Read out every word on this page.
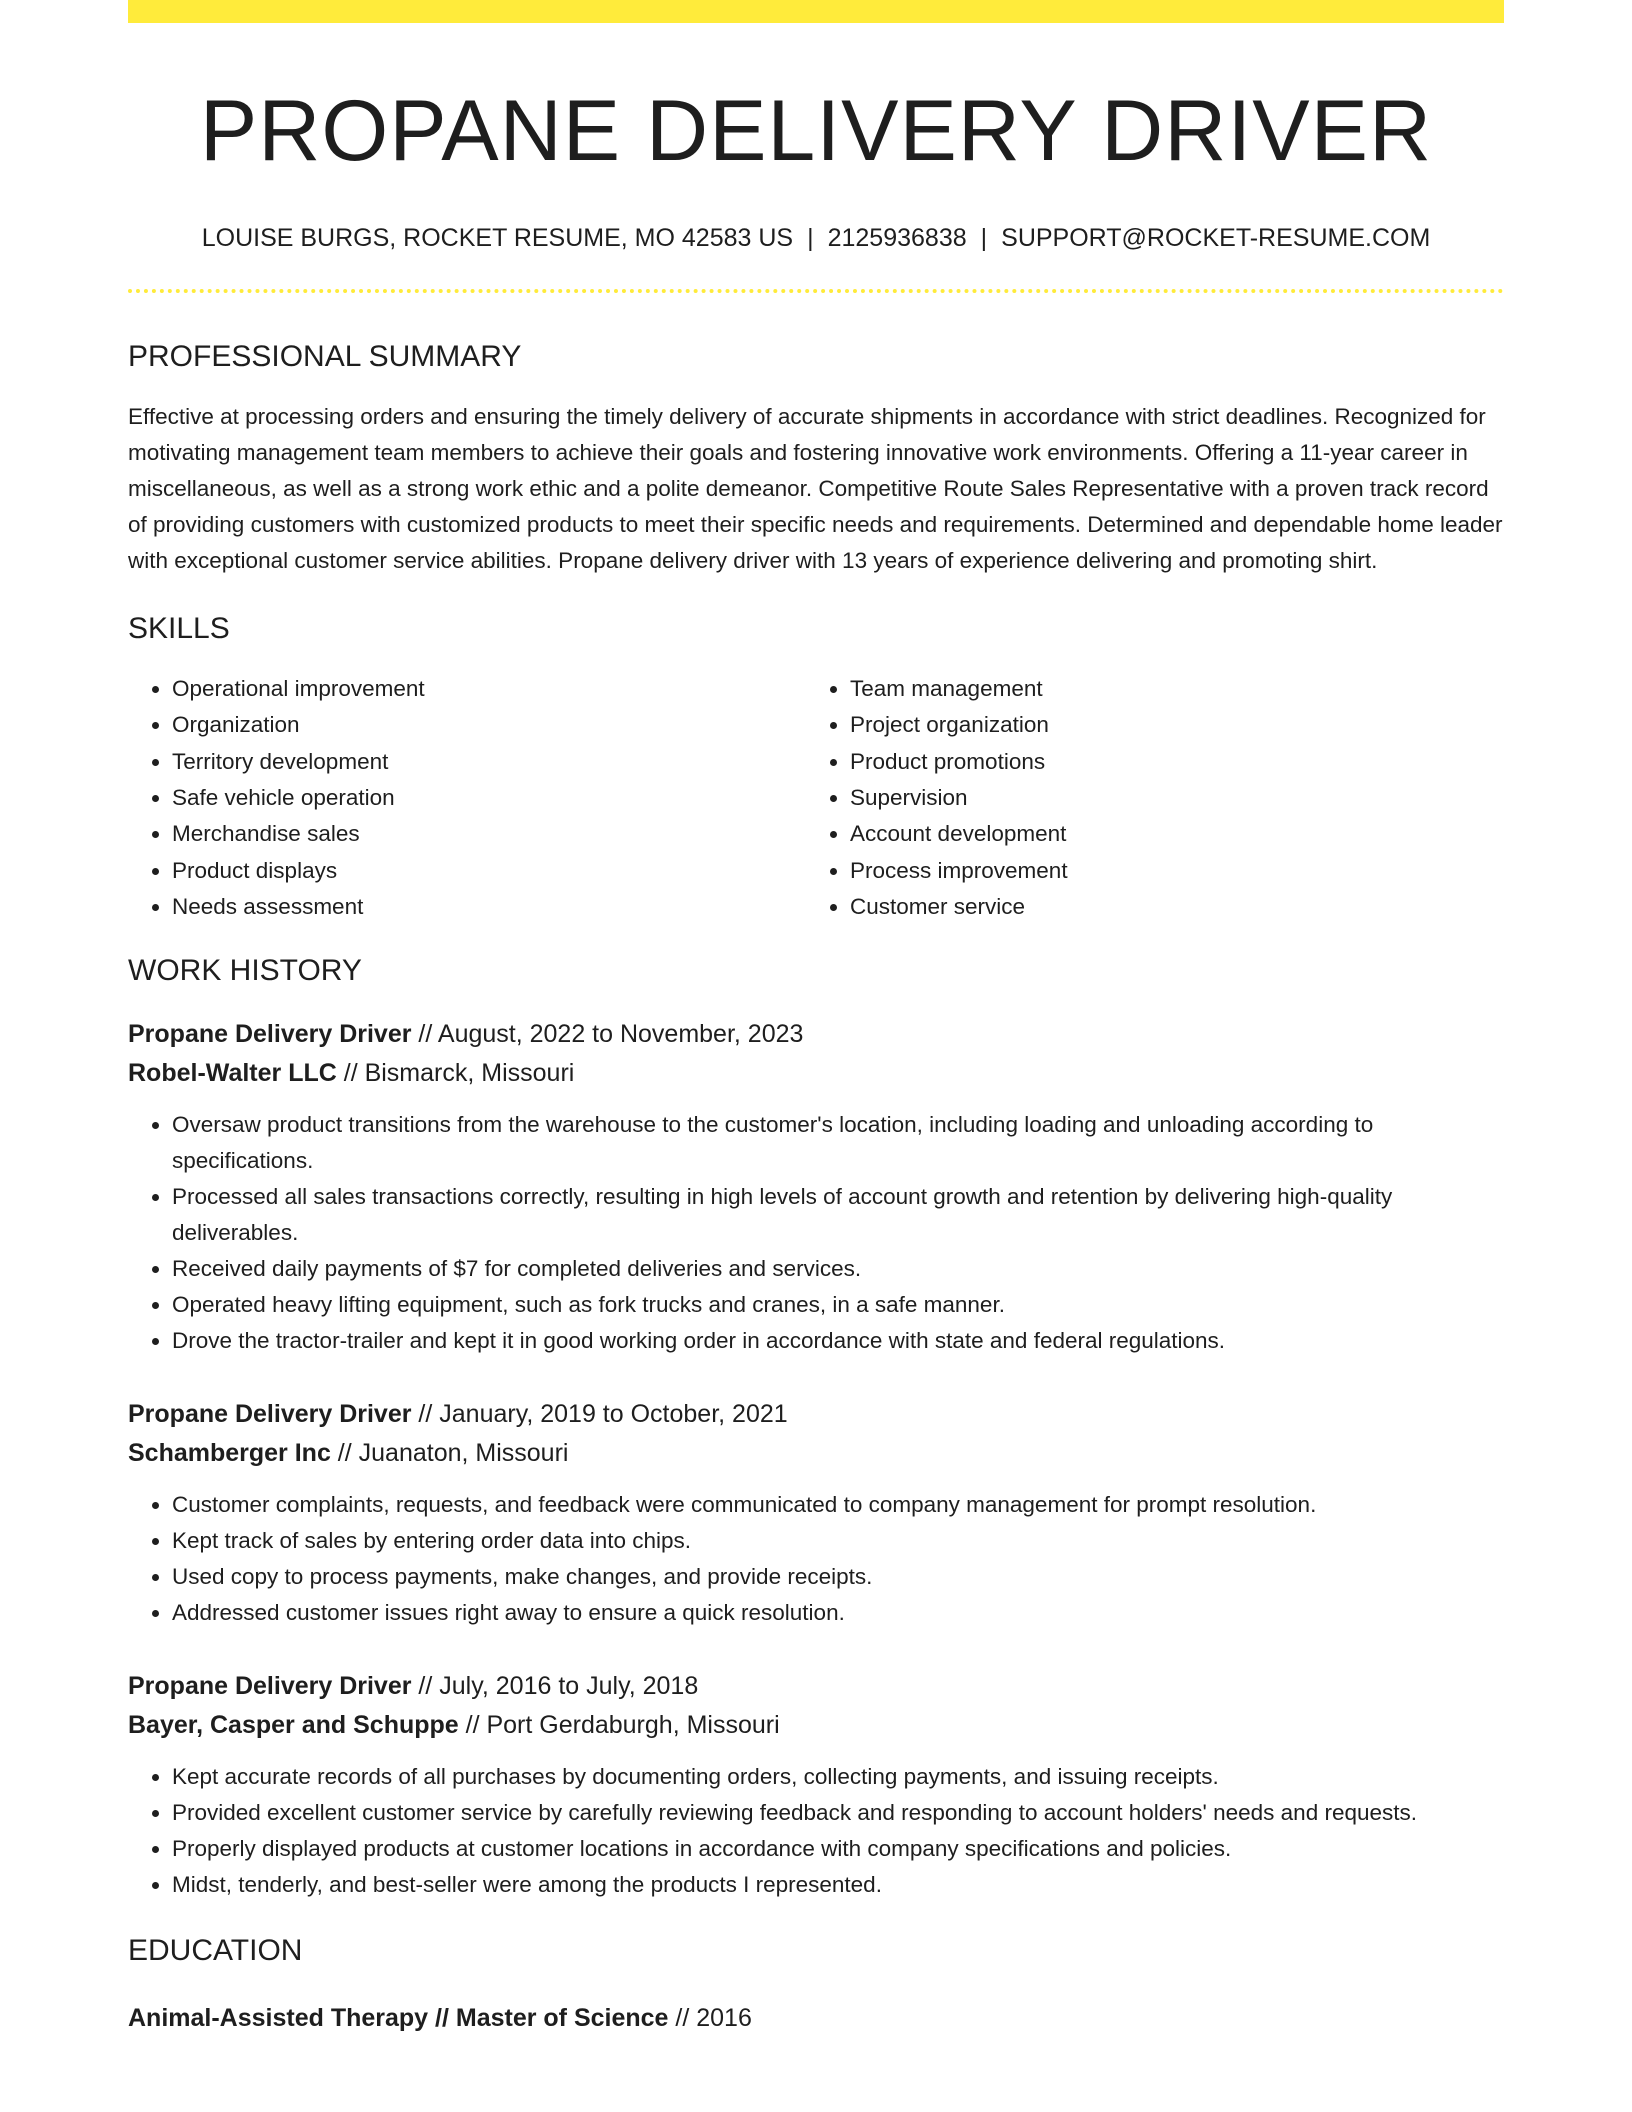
PROPANE DELIVERY DRIVER
LOUISE BURGS, ROCKET RESUME, MO 42583 US | 2125936838 | SUPPORT@ROCKET-RESUME.COM
PROFESSIONAL SUMMARY

Effective at processing orders and ensuring the timely delivery of accurate shipments in accordance with strict deadlines. Recognized for motivating management team members to achieve their goals and fostering innovative work environments. Offering a 11-year career in miscellaneous, as well as a strong work ethic and a polite demeanor. Competitive Route Sales Representative with a proven track record of providing customers with customized products to meet their specific needs and requirements. Determined and dependable home leader with exceptional customer service abilities. Propane delivery driver with 13 years of experience delivering and promoting shirt.

SKILLS
• Operational improvement
• Organization
• Territory development
• Safe vehicle operation
• Merchandise sales
• Product displays
• Needs assessment
• Team management
• Project organization
• Product promotions
• Supervision
• Account development
• Process improvement
• Customer service
WORK HISTORY
Propane Delivery Driver // August, 2022 to November, 2023
Robel-Walter LLC // Bismarck, Missouri
• Oversaw product transitions from the warehouse to the customer's location, including loading and unloading according to specifications.
• Processed all sales transactions correctly, resulting in high levels of account growth and retention by delivering high-quality deliverables.
• Received daily payments of $7 for completed deliveries and services.
• Operated heavy lifting equipment, such as fork trucks and cranes, in a safe manner.
• Drove the tractor-trailer and kept it in good working order in accordance with state and federal regulations.
Propane Delivery Driver // January, 2019 to October, 2021
Schamberger Inc // Juanaton, Missouri
• Customer complaints, requests, and feedback were communicated to company management for prompt resolution.
• Kept track of sales by entering order data into chips.
• Used copy to process payments, make changes, and provide receipts.
• Addressed customer issues right away to ensure a quick resolution.
Propane Delivery Driver // July, 2016 to July, 2018
Bayer, Casper and Schuppe // Port Gerdaburgh, Missouri
• Kept accurate records of all purchases by documenting orders, collecting payments, and issuing receipts.
• Provided excellent customer service by carefully reviewing feedback and responding to account holders' needs and requests.
• Properly displayed products at customer locations in accordance with company specifications and policies.
• Midst, tenderly, and best-seller were among the products I represented.
EDUCATION
Animal-Assisted Therapy // Master of Science // 2016
